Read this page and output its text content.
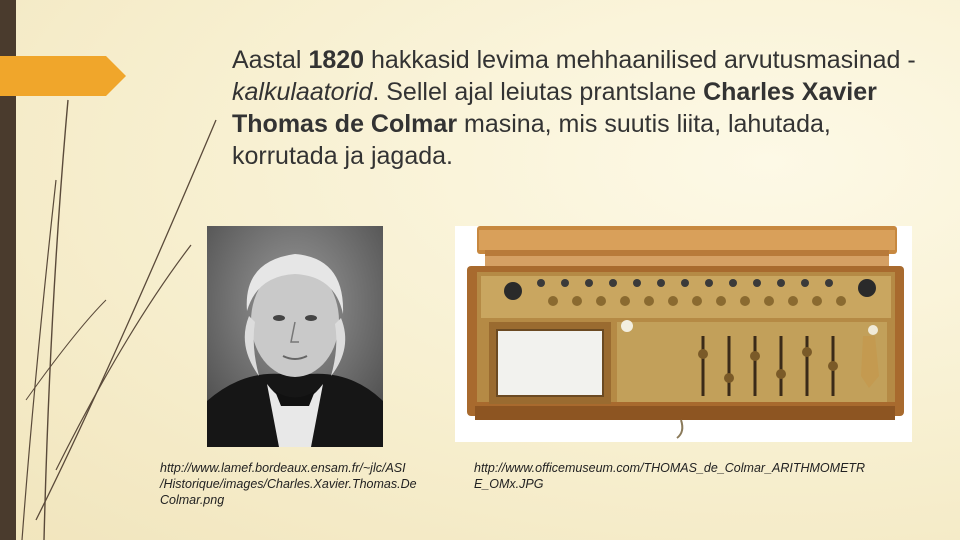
Aastal 1820 hakkasid levima mehhaanilised arvutusmasinad - kalkulaatorid. Sellel ajal leiutas prantslane Charles Xavier Thomas de Colmar masina, mis suutis liita, lahutada, korrutada ja jagada.
http://www.lamef.bordeaux.ensam.fr/~jlc/ASI
/Historique/images/Charles.Xavier.Thomas.De
Colmar.png
http://www.officemuseum.com/THOMAS_de_Colmar_ARITHMOMETR
E_OMx.JPG
